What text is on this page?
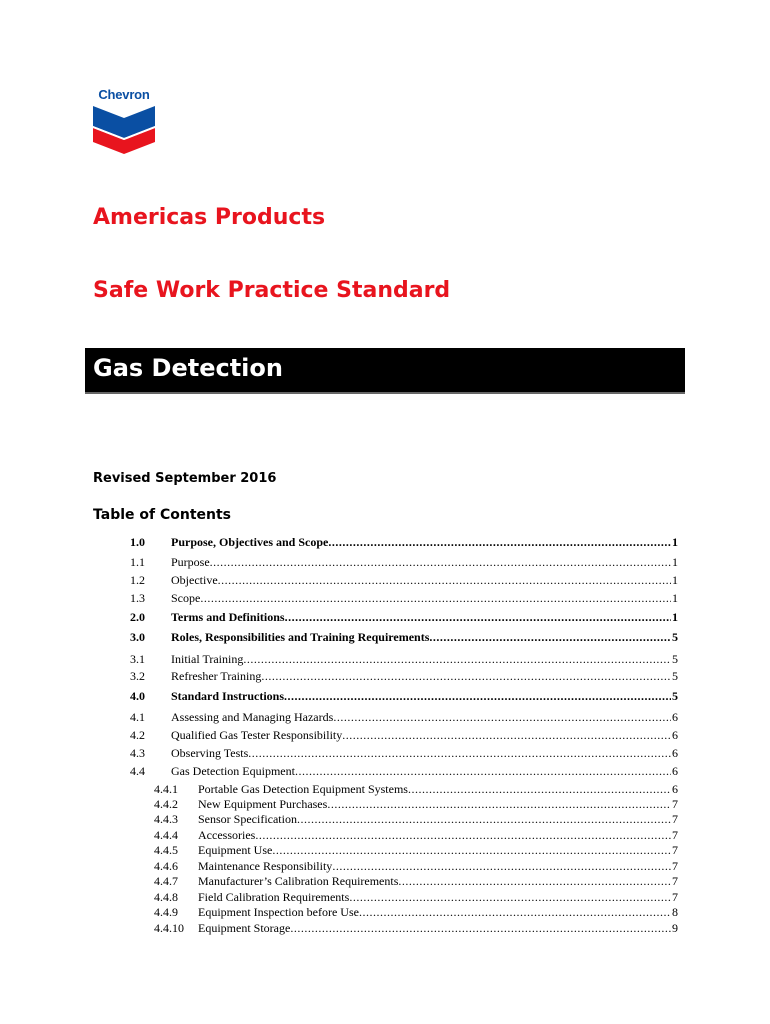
Chevron
Americas Products
Safe Work Practice Standard
Gas Detection
Revised September 2016
Table of Contents
1.0	Purpose, Objectives and Scope .....	1
1.1	Purpose .....	1
1.2	Objective .....	1
1.3	Scope .....	1
2.0	Terms and Definitions .....	1
3.0	Roles, Responsibilities and Training Requirements .....	5
3.1	Initial Training .....	5
3.2	Refresher Training .....	5
4.0	Standard Instructions .....	5
4.1	Assessing and Managing Hazards .....	6
4.2	Qualified Gas Tester Responsibility .....	6
4.3	Observing Tests .....	6
4.4	Gas Detection Equipment .....	6
4.4.1	Portable Gas Detection Equipment Systems .....	6
4.4.2	New Equipment Purchases .....	7
4.4.3	Sensor Specification .....	7
4.4.4	Accessories .....	7
4.4.5	Equipment Use .....	7
4.4.6	Maintenance Responsibility .....	7
4.4.7	Manufacturer’s Calibration Requirements .....	7
4.4.8	Field Calibration Requirements .....	7
4.4.9	Equipment Inspection before Use .....	8
4.4.10	Equipment Storage .....	9
